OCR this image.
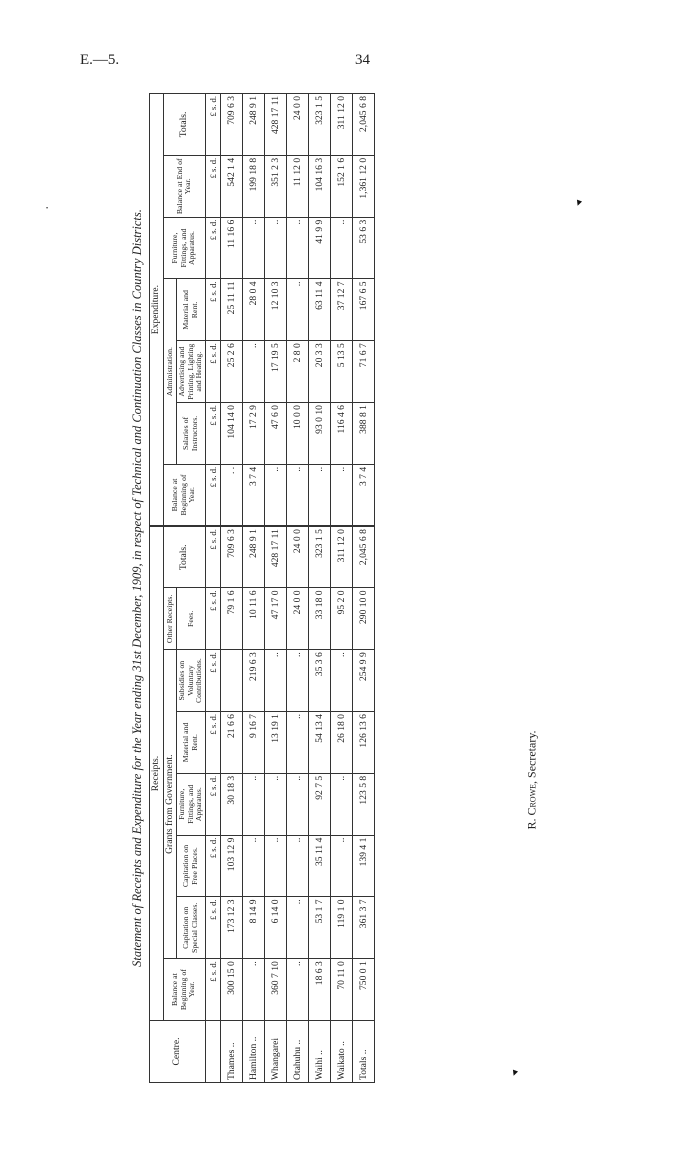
E.—5.	34
Statement of Receipts and Expenditure for the Year ending 31st December, 1909, in respect of Technical and Continuation Classes in Country Districts.
Centre.	Receipts.								Expenditure.						
	Balance at Beginning of Year.	Grants from Government.					Other Receipts.	Totals.	Balance at Beginning of Year.	Administration.			Furniture, Fittings, and Apparatus.	Balance at End of Year.	Totals.
		Capitation on Special Classes.	Capitation on Free Places.	Furniture, Fittings, and Apparatus.	Material and Rent.	Subsidies on Voluntary Contributions.	Fees.			Salaries of Instructors.	Advertising and Printing, Lighting and Heating.	Material and Rent.			
	£ s. d.	£ s. d.	£ s. d.	£ s. d.	£ s. d.	£ s. d.	£ s. d.	£ s. d.	£ s. d.	£ s. d.	£ s. d.	£ s. d.	£ s. d.	£ s. d.	£ s. d.
Thames ..	300 15 0	173 12 3	103 12 9	30 18 3	21 6 6		79 1 6	709 6 3	. .	104 14 0	25 2 6	25 11 11	11 16 6	542 1 4	709 6 3
Hamilton ..	..	8 14 9	..	..	9 16 7	219 6 3	10 11 6	248 9 1	3 7 4	17 2 9	..	28 0 4	..	199 18 8	248 9 1
Whangarei	360 7 10	6 14 0	..	..	13 19 1	..	47 17 0	428 17 11	..	47 6 0	17 19 5	12 10 3	..	351 2 3	428 17 11
Otahuhu ..	..	..	..	..	..	..	24 0 0	24 0 0	..	10 0 0	2 8 0	..	..	11 12 0	24 0 0
Waihi ..	18 6 3	53 1 7	35 11 4	92 7 5	54 13 4	35 3 6	33 18 0	323 1 5	..	93 0 10	20 3 3	63 11 4	41 9 9	104 16 3	323 1 5
Waikato ..	70 11 0	119 1 0	..	..	26 18 0	..	95 2 0	311 12 0	..	116 4 6	5 13 5	37 12 7	..	152 1 6	311 12 0
Totals ..	750 0 1	361 3 7	139 4 1	123 5 8	126 13 6	254 9 9	290 10 0	2,045 6 8	3 7 4	388 8 1	71 6 7	167 6 5	53 6 3	1,361 12 0	2,045 6 8
R. Crowe, Secretary.
•	▾
▾
